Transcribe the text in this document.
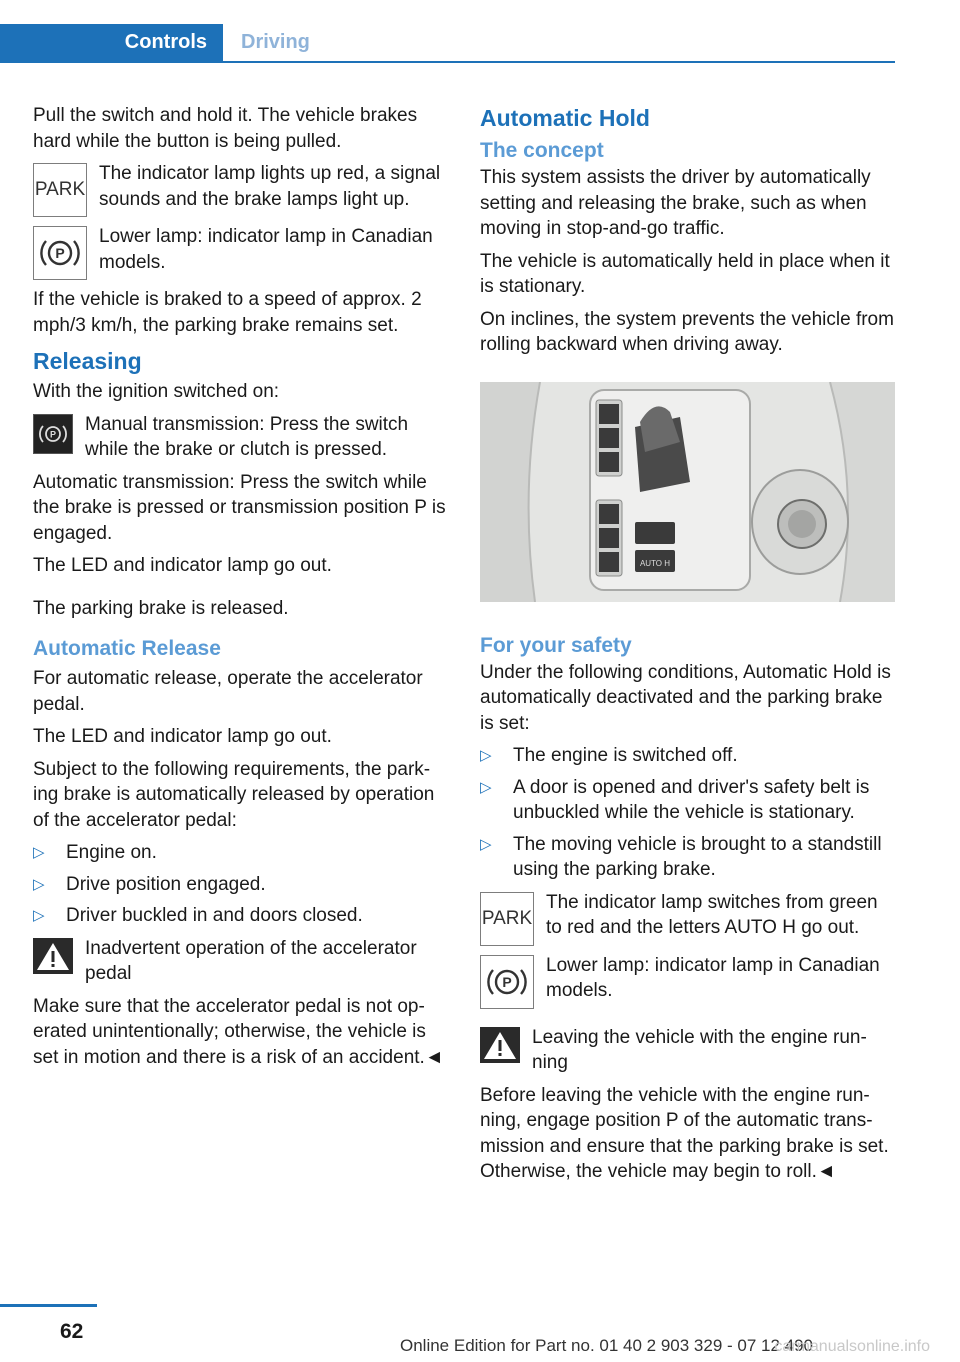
Controls	Driving

Pull the switch and hold it. The vehicle brakes hard while the button is being pulled.

PARK
The indicator lamp lights up red, a signal sounds and the brake lamps light up.
P
Lower lamp: indicator lamp in Canadian models.

If the vehicle is braked to a speed of approx. 2 mph/3 km/h, the parking brake remains set.

Releasing

With the ignition switched on:

P Manual transmission: Press the switch while the brake or clutch is pressed.

Automatic transmission: Press the switch while the brake is pressed or transmission position P is engaged.

The LED and indicator lamp go out.

The parking brake is released.

Automatic Release

For automatic release, operate the accelerator pedal.

The LED and indicator lamp go out.

Subject to the following requirements, the park-ing brake is automatically released by operation of the accelerator pedal:

▷ Engine on.
▷ Drive position engaged.
▷ Driver buckled in and doors closed.
Inadvertent operation of the accelerator pedal

Make sure that the accelerator pedal is not op-erated unintentionally; otherwise, the vehicle is set in motion and there is a risk of an accident.◄

Automatic Hold
The concept

This system assists the driver by automatically setting and releasing the brake, such as when moving in stop-and-go traffic.

The vehicle is automatically held in place when it is stationary.

On inclines, the system prevents the vehicle from rolling backward when driving away.

AUTO H
For your safety

Under the following conditions, Automatic Hold is automatically deactivated and the parking brake is set:

▷ The engine is switched off.
▷ A door is opened and driver's safety belt is unbuckled while the vehicle is stationary.
▷ The moving vehicle is brought to a standstill using the parking brake.
PARK
The indicator lamp switches from green to red and the letters AUTO H go out.
P
Lower lamp: indicator lamp in Canadian models.
Leaving the vehicle with the engine run-ning

Before leaving the vehicle with the engine run-ning, engage position P of the automatic trans-mission and ensure that the parking brake is set. Otherwise, the vehicle may begin to roll.◄

62
Online Edition for Part no. 01 40 2 903 329 - 07 12 490
carmanualsonline.info
